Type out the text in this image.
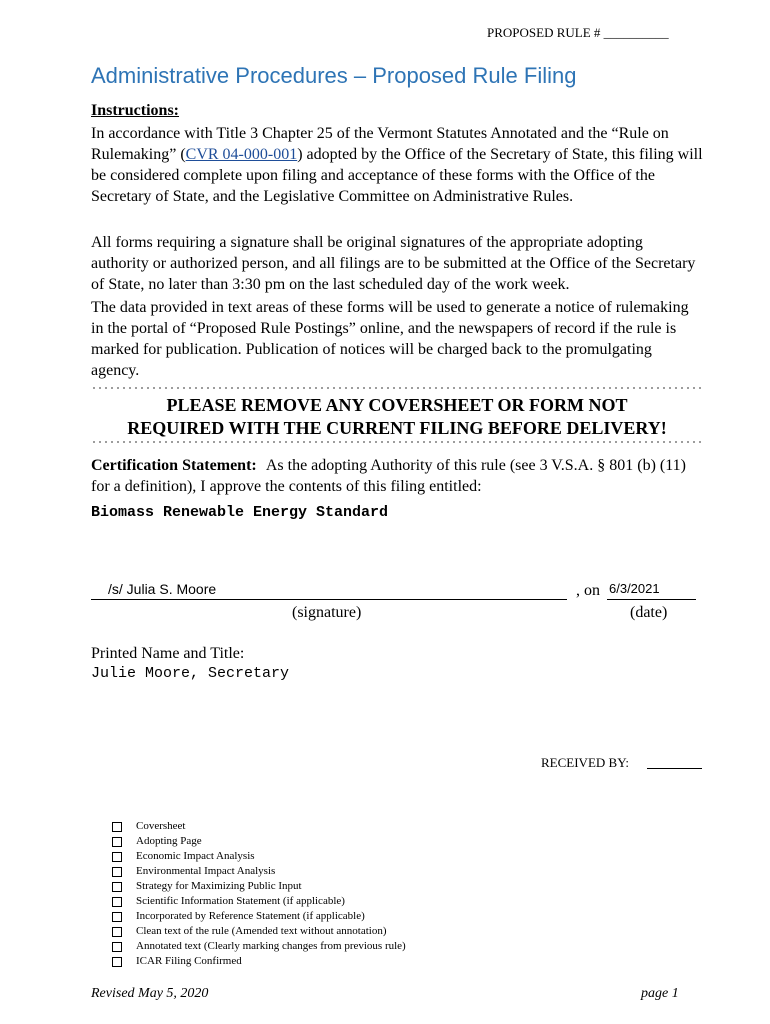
PROPOSED RULE # __________
Administrative Procedures – Proposed Rule Filing
Instructions:
In accordance with Title 3 Chapter 25 of the Vermont Statutes Annotated and the “Rule on Rulemaking” (CVR 04-000-001) adopted by the Office of the Secretary of State, this filing will be considered complete upon filing and acceptance of these forms with the Office of the Secretary of State, and the Legislative Committee on Administrative Rules.
All forms requiring a signature shall be original signatures of the appropriate adopting authority or authorized person, and all filings are to be submitted at the Office of the Secretary of State, no later than 3:30 pm on the last scheduled day of the work week.
The data provided in text areas of these forms will be used to generate a notice of rulemaking in the portal of “Proposed Rule Postings” online, and the newspapers of record if the rule is marked for publication. Publication of notices will be charged back to the promulgating agency.
PLEASE REMOVE ANY COVERSHEET OR FORM NOT
REQUIRED WITH THE CURRENT FILING BEFORE DELIVERY!
Certification Statement: As the adopting Authority of this rule (see 3 V.S.A. § 801 (b) (11) for a definition), I approve the contents of this filing entitled:
Biomass Renewable Energy Standard
/s/ Julia S. Moore	, on 6/3/2021
(signature)	(date)
Printed Name and Title:
Julie Moore, Secretary
RECEIVED BY:
Coversheet
Adopting Page
Economic Impact Analysis
Environmental Impact Analysis
Strategy for Maximizing Public Input
Scientific Information Statement (if applicable)
Incorporated by Reference Statement (if applicable)
Clean text of the rule (Amended text without annotation)
Annotated text (Clearly marking changes from previous rule)
ICAR Filing Confirmed
Revised May 5, 2020	page 1
